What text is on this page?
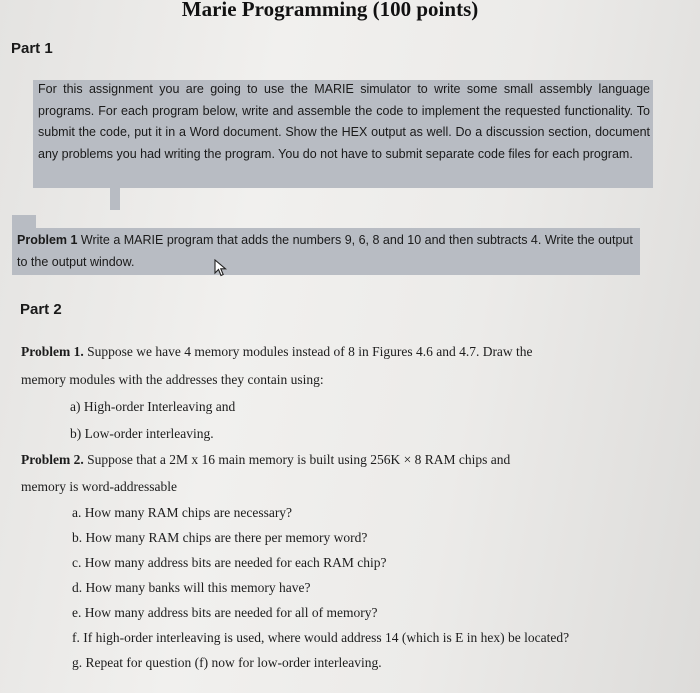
Marie Programming (100 points)
Part 1
For this assignment you are going to use the MARIE simulator to write some small assembly language programs. For each program below, write and assemble the code to implement the requested functionality. To submit the code, put it in a Word document. Show the HEX output as well. Do a discussion section, document any problems you had writing the program. You do not have to submit separate code files for each program.
Problem 1 Write a MARIE program that adds the numbers 9, 6, 8 and 10 and then subtracts 4. Write the output to the output window.
Part 2
Problem 1. Suppose we have 4 memory modules instead of 8 in Figures 4.6 and 4.7. Draw the
memory modules with the addresses they contain using:
a) High-order Interleaving and
b) Low-order interleaving.
Problem 2. Suppose that a 2M x 16 main memory is built using 256K × 8 RAM chips and
memory is word-addressable
a. How many RAM chips are necessary?
b. How many RAM chips are there per memory word?
c. How many address bits are needed for each RAM chip?
d. How many banks will this memory have?
e. How many address bits are needed for all of memory?
f. If high-order interleaving is used, where would address 14 (which is E in hex) be located?
g. Repeat for question (f) now for low-order interleaving.
